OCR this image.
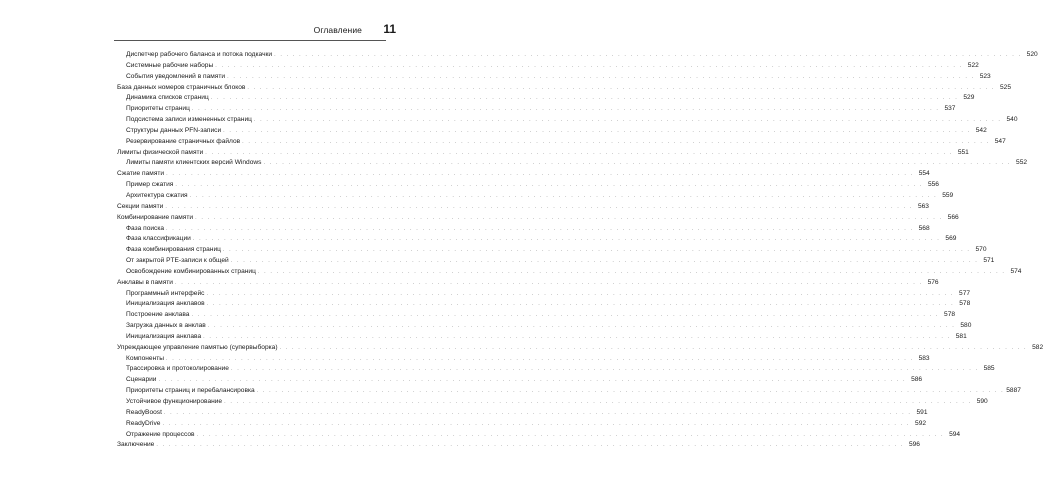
Оглавление 11
Диспетчер рабочего баланса и потока подкачки . . . . . . . . . . . . . . . . . . . . . . . . . . . . . . . . . . . . . . . . . . . . . . . . . . . . . . . . . . . . . . . . . . . . . . . . . . . . . . . . . . . . . . . . . . . . . . . . . . . . . . . . . . . . . . . . . . . . . . . . 520
Системные рабочие наборы . . . . . . . . . . . . . . . . . . . . . . . . . . . . . . . . . . . . . . . . . . . . . . . . . . . . . . . . . . . . . . . . . . . . . . . . . . . . . . . . . . . . . . . . . . . . . . . . . . . . . . . . . . . . . . . . . . . . . . . . 522
События уведомлений в памяти . . . . . . . . . . . . . . . . . . . . . . . . . . . . . . . . . . . . . . . . . . . . . . . . . . . . . . . . . . . . . . . . . . . . . . . . . . . . . . . . . . . . . . . . . . . . . . . . . . . . . . . . . . . . . . . . . . . . . . . . 523
База данных номеров страничных блоков . . . . . . . . . . . . . . . . . . . . . . . . . . . . . . . . . . . . . . . . . . . . . . . . . . . . . . . . . . . . . . . . . . . . . . . . . . . . . . . . . . . . . . . . . . . . . . . . . . . . . . . . . . . . . . . . . . . . . . . . 525
Динамика списков страниц . . . . . . . . . . . . . . . . . . . . . . . . . . . . . . . . . . . . . . . . . . . . . . . . . . . . . . . . . . . . . . . . . . . . . . . . . . . . . . . . . . . . . . . . . . . . . . . . . . . . . . . . . . . . . . . . . . . . . . . . 529
Приоритеты страниц . . . . . . . . . . . . . . . . . . . . . . . . . . . . . . . . . . . . . . . . . . . . . . . . . . . . . . . . . . . . . . . . . . . . . . . . . . . . . . . . . . . . . . . . . . . . . . . . . . . . . . . . . . . . . . . . . . . . . . . . 537
Подсистема записи измененных страниц . . . . . . . . . . . . . . . . . . . . . . . . . . . . . . . . . . . . . . . . . . . . . . . . . . . . . . . . . . . . . . . . . . . . . . . . . . . . . . . . . . . . . . . . . . . . . . . . . . . . . . . . . . . . . . . . . . . . . . . . 540
Структуры данных PFN-записи . . . . . . . . . . . . . . . . . . . . . . . . . . . . . . . . . . . . . . . . . . . . . . . . . . . . . . . . . . . . . . . . . . . . . . . . . . . . . . . . . . . . . . . . . . . . . . . . . . . . . . . . . . . . . . . . . . . . . . . . 542
Резервирование страничных файлов . . . . . . . . . . . . . . . . . . . . . . . . . . . . . . . . . . . . . . . . . . . . . . . . . . . . . . . . . . . . . . . . . . . . . . . . . . . . . . . . . . . . . . . . . . . . . . . . . . . . . . . . . . . . . . . . . . . . . . . . 547
Лимиты физической памяти . . . . . . . . . . . . . . . . . . . . . . . . . . . . . . . . . . . . . . . . . . . . . . . . . . . . . . . . . . . . . . . . . . . . . . . . . . . . . . . . . . . . . . . . . . . . . . . . . . . . . . . . . . . . . . . . . . . . . . . . 551
Лимиты памяти клиентских версий Windows . . . . . . . . . . . . . . . . . . . . . . . . . . . . . . . . . . . . . . . . . . . . . . . . . . . . . . . . . . . . . . . . . . . . . . . . . . . . . . . . . . . . . . . . . . . . . . . . . . . . . . . . . . . . . . . . . . . . . . . . 552
Сжатие памяти . . . . . . . . . . . . . . . . . . . . . . . . . . . . . . . . . . . . . . . . . . . . . . . . . . . . . . . . . . . . . . . . . . . . . . . . . . . . . . . . . . . . . . . . . . . . . . . . . . . . . . . . . . . . . . . . . . . . . . . . 554
Пример сжатия . . . . . . . . . . . . . . . . . . . . . . . . . . . . . . . . . . . . . . . . . . . . . . . . . . . . . . . . . . . . . . . . . . . . . . . . . . . . . . . . . . . . . . . . . . . . . . . . . . . . . . . . . . . . . . . . . . . . . . . . 556
Архитектура сжатия . . . . . . . . . . . . . . . . . . . . . . . . . . . . . . . . . . . . . . . . . . . . . . . . . . . . . . . . . . . . . . . . . . . . . . . . . . . . . . . . . . . . . . . . . . . . . . . . . . . . . . . . . . . . . . . . . . . . . . . . 559
Секции памяти . . . . . . . . . . . . . . . . . . . . . . . . . . . . . . . . . . . . . . . . . . . . . . . . . . . . . . . . . . . . . . . . . . . . . . . . . . . . . . . . . . . . . . . . . . . . . . . . . . . . . . . . . . . . . . . . . . . . . . . . 563
Комбинирование памяти . . . . . . . . . . . . . . . . . . . . . . . . . . . . . . . . . . . . . . . . . . . . . . . . . . . . . . . . . . . . . . . . . . . . . . . . . . . . . . . . . . . . . . . . . . . . . . . . . . . . . . . . . . . . . . . . . . . . . . . . 566
Фаза поиска . . . . . . . . . . . . . . . . . . . . . . . . . . . . . . . . . . . . . . . . . . . . . . . . . . . . . . . . . . . . . . . . . . . . . . . . . . . . . . . . . . . . . . . . . . . . . . . . . . . . . . . . . . . . . . . . . . . . . . . . 568
Фаза классификации . . . . . . . . . . . . . . . . . . . . . . . . . . . . . . . . . . . . . . . . . . . . . . . . . . . . . . . . . . . . . . . . . . . . . . . . . . . . . . . . . . . . . . . . . . . . . . . . . . . . . . . . . . . . . . . . . . . . . . . . 569
Фаза комбинирования страниц . . . . . . . . . . . . . . . . . . . . . . . . . . . . . . . . . . . . . . . . . . . . . . . . . . . . . . . . . . . . . . . . . . . . . . . . . . . . . . . . . . . . . . . . . . . . . . . . . . . . . . . . . . . . . . . . . . . . . . . . 570
От закрытой PTE-записи к общей . . . . . . . . . . . . . . . . . . . . . . . . . . . . . . . . . . . . . . . . . . . . . . . . . . . . . . . . . . . . . . . . . . . . . . . . . . . . . . . . . . . . . . . . . . . . . . . . . . . . . . . . . . . . . . . . . . . . . . . . 571
Освобождение комбинированных страниц . . . . . . . . . . . . . . . . . . . . . . . . . . . . . . . . . . . . . . . . . . . . . . . . . . . . . . . . . . . . . . . . . . . . . . . . . . . . . . . . . . . . . . . . . . . . . . . . . . . . . . . . . . . . . . . . . . . . . . . . 574
Анклавы в памяти . . . . . . . . . . . . . . . . . . . . . . . . . . . . . . . . . . . . . . . . . . . . . . . . . . . . . . . . . . . . . . . . . . . . . . . . . . . . . . . . . . . . . . . . . . . . . . . . . . . . . . . . . . . . . . . . . . . . . . . . 576
Программный интерфейс . . . . . . . . . . . . . . . . . . . . . . . . . . . . . . . . . . . . . . . . . . . . . . . . . . . . . . . . . . . . . . . . . . . . . . . . . . . . . . . . . . . . . . . . . . . . . . . . . . . . . . . . . . . . . . . . . . . . . . . . 577
Инициализация анклавов . . . . . . . . . . . . . . . . . . . . . . . . . . . . . . . . . . . . . . . . . . . . . . . . . . . . . . . . . . . . . . . . . . . . . . . . . . . . . . . . . . . . . . . . . . . . . . . . . . . . . . . . . . . . . . . . . . . . . . . . 578
Построение анклава . . . . . . . . . . . . . . . . . . . . . . . . . . . . . . . . . . . . . . . . . . . . . . . . . . . . . . . . . . . . . . . . . . . . . . . . . . . . . . . . . . . . . . . . . . . . . . . . . . . . . . . . . . . . . . . . . . . . . . . . 578
Загрузка данных в анклав . . . . . . . . . . . . . . . . . . . . . . . . . . . . . . . . . . . . . . . . . . . . . . . . . . . . . . . . . . . . . . . . . . . . . . . . . . . . . . . . . . . . . . . . . . . . . . . . . . . . . . . . . . . . . . . . . . . . . . . . 580
Инициализация анклава . . . . . . . . . . . . . . . . . . . . . . . . . . . . . . . . . . . . . . . . . . . . . . . . . . . . . . . . . . . . . . . . . . . . . . . . . . . . . . . . . . . . . . . . . . . . . . . . . . . . . . . . . . . . . . . . . . . . . . . . 581
Упреждающее управление памятью (супервыборка) . . . . . . . . . . . . . . . . . . . . . . . . . . . . . . . . . . . . . . . . . . . . . . . . . . . . . . . . . . . . . . . . . . . . . . . . . . . . . . . . . . . . . . . . . . . . . . . . . . . . . . . . . . . . . . . . . . . . . . . . 582
Компоненты . . . . . . . . . . . . . . . . . . . . . . . . . . . . . . . . . . . . . . . . . . . . . . . . . . . . . . . . . . . . . . . . . . . . . . . . . . . . . . . . . . . . . . . . . . . . . . . . . . . . . . . . . . . . . . . . . . . . . . . . 583
Трассировка и протоколирование . . . . . . . . . . . . . . . . . . . . . . . . . . . . . . . . . . . . . . . . . . . . . . . . . . . . . . . . . . . . . . . . . . . . . . . . . . . . . . . . . . . . . . . . . . . . . . . . . . . . . . . . . . . . . . . . . . . . . . . . 585
Сценарии . . . . . . . . . . . . . . . . . . . . . . . . . . . . . . . . . . . . . . . . . . . . . . . . . . . . . . . . . . . . . . . . . . . . . . . . . . . . . . . . . . . . . . . . . . . . . . . . . . . . . . . . . . . . . . . . . . . . . . . . 586
Приоритеты страниц и перебалансировка . . . . . . . . . . . . . . . . . . . . . . . . . . . . . . . . . . . . . . . . . . . . . . . . . . . . . . . . . . . . . . . . . . . . . . . . . . . . . . . . . . . . . . . . . . . . . . . . . . . . . . . . . . . . . . . . . . . . . . . . 5887
Устойчивое функционирование . . . . . . . . . . . . . . . . . . . . . . . . . . . . . . . . . . . . . . . . . . . . . . . . . . . . . . . . . . . . . . . . . . . . . . . . . . . . . . . . . . . . . . . . . . . . . . . . . . . . . . . . . . . . . . . . . . . . . . . . 590
ReadyBoost . . . . . . . . . . . . . . . . . . . . . . . . . . . . . . . . . . . . . . . . . . . . . . . . . . . . . . . . . . . . . . . . . . . . . . . . . . . . . . . . . . . . . . . . . . . . . . . . . . . . . . . . . . . . . . . . . . . . . . . . 591
ReadyDrive . . . . . . . . . . . . . . . . . . . . . . . . . . . . . . . . . . . . . . . . . . . . . . . . . . . . . . . . . . . . . . . . . . . . . . . . . . . . . . . . . . . . . . . . . . . . . . . . . . . . . . . . . . . . . . . . . . . . . . . . 592
Отражение процессов . . . . . . . . . . . . . . . . . . . . . . . . . . . . . . . . . . . . . . . . . . . . . . . . . . . . . . . . . . . . . . . . . . . . . . . . . . . . . . . . . . . . . . . . . . . . . . . . . . . . . . . . . . . . . . . . . . . . . . . . 594
Заключение . . . . . . . . . . . . . . . . . . . . . . . . . . . . . . . . . . . . . . . . . . . . . . . . . . . . . . . . . . . . . . . . . . . . . . . . . . . . . . . . . . . . . . . . . . . . . . . . . . . . . . . . . . . . . . . . . . . . . . . . 596
